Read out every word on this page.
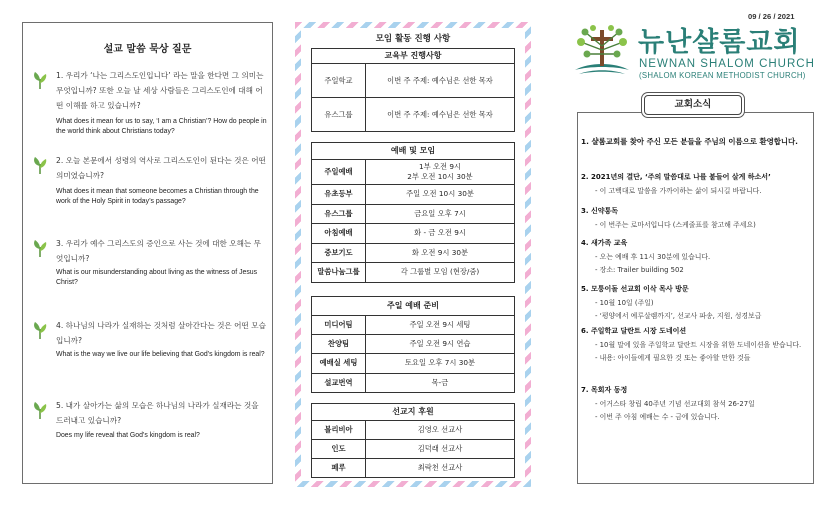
설교 말씀 묵상 질문
1. 우리가 ‘나는 그리스도인입니다’ 라는 말을 한다면 그 의미는 무엇입니까? 또한 오늘 날 세상 사람들은 그리스도인에 대해 어떤 이해를 하고 있습니까?
What does it mean for us to say, ‘I am a Christian’? How do people in the world think about Christians today?
2. 오늘 본문에서 성령의 역사로 그리스도인이 된다는 것은 어떤 의미였습니까?
What does it mean that someone becomes a Christian through the work of the Holy Spirit in today’s passage?
3. 우리가 예수 그리스도의 증인으로 사는 것에 대한 오해는 무엇입니까?
What is our misunderstanding about living as the witness of Jesus Christ?
4. 하나님의 나라가 실재하는 것처럼 살아간다는 것은 어떤 모습입니까?
What is the way we live our life believing that God’s kingdom is real?
5. 내가 살아가는 삶의 모습은 하나님의 나라가 실재라는 것을 드러내고 있습니까?
Does my life reveal that God’s kingdom is real?
모임 활동 진행 사항
교육부 진행사항	
주일학교	이번 주 주제: 예수님은 선한 목자
유스그룹	이번 주 주제: 예수님은 선한 목자
예배 및 모임	
주일예배	1부 오전 9시
2부 오전 10시 30분

유초등부	주일 오전 10시 30분
유스그룹	금요일 오후 7시
아침예배	화 - 금 오전 9시
중보기도	화 오전 9시 30분
말씀나눔그룹	각 그룹별 모임 (현장/줌)
주일 예배 준비	
미디어팀	주일 오전 9시 세팅
찬양팀	주일 오전 9시 연습
예배실 세팅	토요일 오후 7시 30분
설교번역	목-금
선교지 후원	
볼리비아	김영오 선교사
인도	김덕래 선교사
페루	최락천 선교사
09 / 26 / 2021
뉴난샬롬교회
NEWNAN SHALOM CHURCH
(SHALOM KOREAN METHODIST CHURCH)
교회소식
1. 샬롬교회를 찾아 주신 모든 분들을 주님의 이름으로 환영합니다.
2. 2021년의 결단, ‘주의 말씀대로 나를 붙들어 살게 하소서’
- 이 고백대로 말씀을 가까이하는 삶이 되시길 바랍니다.
3. 신약통독
- 이 번주는 로마서입니다 (스케줄표를 참고해 주세요)
4. 새가족 교육
- 오는 예배 후 11시 30분에 있습니다.
- 장소: Trailer building 502
5. 모퉁이돌 선교회 이삭 목사 방문
- 10월 10일 (주일)
- ‘평양에서 예루살렘까지’, 선교사 파송, 지원, 성경보급
6. 주일학교 달란트 시장 도네이션
- 10월 말에 있을 주일학교 달란트 시장을 위한 도네이션을 받습니다.
- 내용: 아이들에게 필요한 것 또는 좋아할 만한 것들
7. 목회자 동정
- 어거스타 창립 40주년 기념 선교대회 참석 26-27일
- 이번 주 아침 예배는 수 - 금에 있습니다.
